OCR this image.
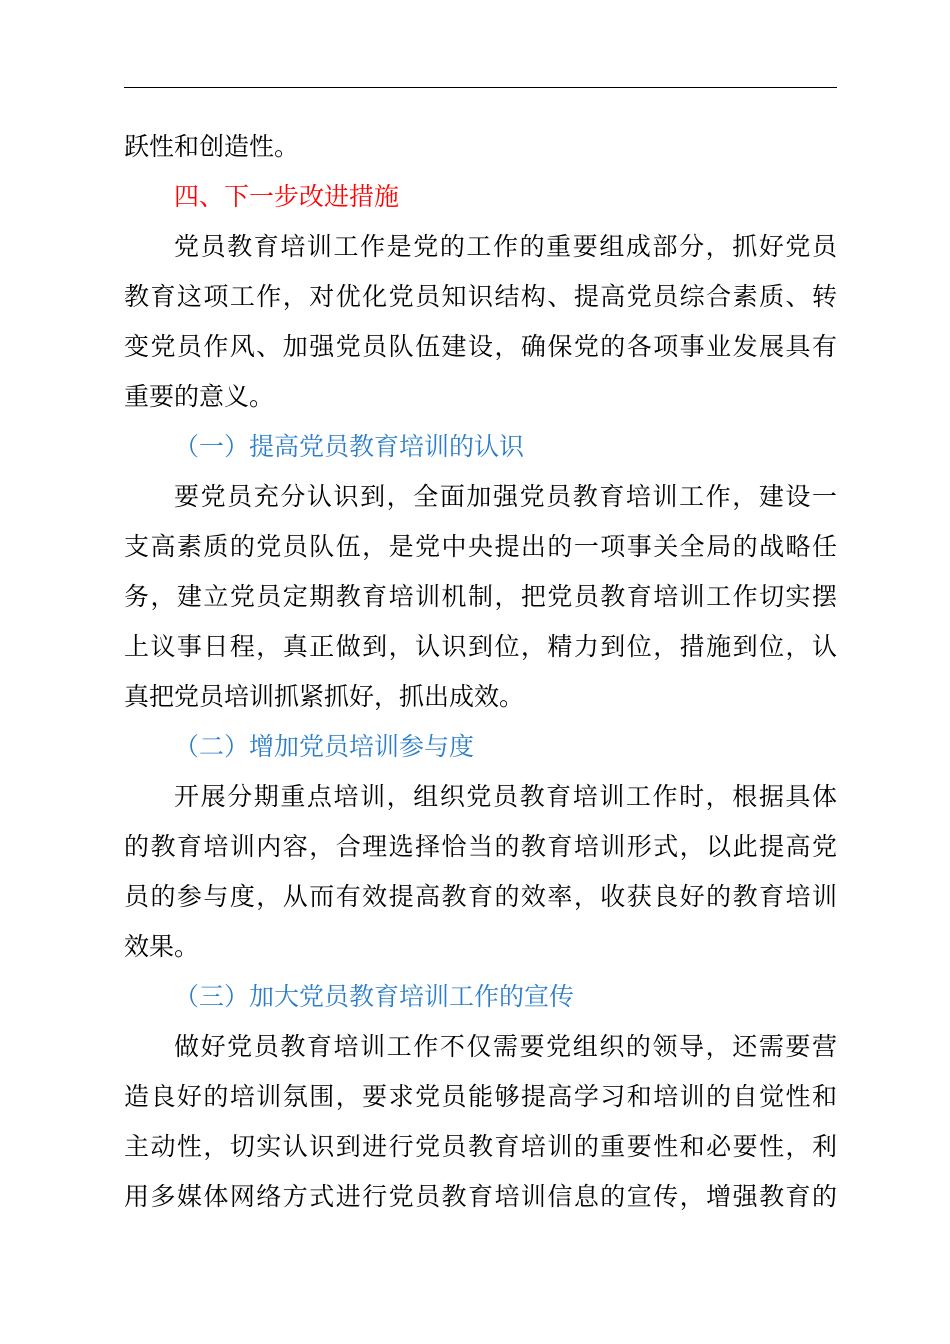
跃性和创造性。
四、下一步改进措施
党员教育培训工作是党的工作的重要组成部分，抓好党员
教育这项工作，对优化党员知识结构、提高党员综合素质、转
变党员作风、加强党员队伍建设，确保党的各项事业发展具有
重要的意义。
（一）提高党员教育培训的认识
要党员充分认识到，全面加强党员教育培训工作，建设一
支高素质的党员队伍，是党中央提出的一项事关全局的战略任
务，建立党员定期教育培训机制，把党员教育培训工作切实摆
上议事日程，真正做到，认识到位，精力到位，措施到位，认
真把党员培训抓紧抓好，抓出成效。
（二）增加党员培训参与度
开展分期重点培训，组织党员教育培训工作时，根据具体
的教育培训内容，合理选择恰当的教育培训形式，以此提高党
员的参与度，从而有效提高教育的效率，收获良好的教育培训
效果。
（三）加大党员教育培训工作的宣传
做好党员教育培训工作不仅需要党组织的领导，还需要营
造良好的培训氛围，要求党员能够提高学习和培训的自觉性和
主动性，切实认识到进行党员教育培训的重要性和必要性，利
用多媒体网络方式进行党员教育培训信息的宣传，增强教育的
